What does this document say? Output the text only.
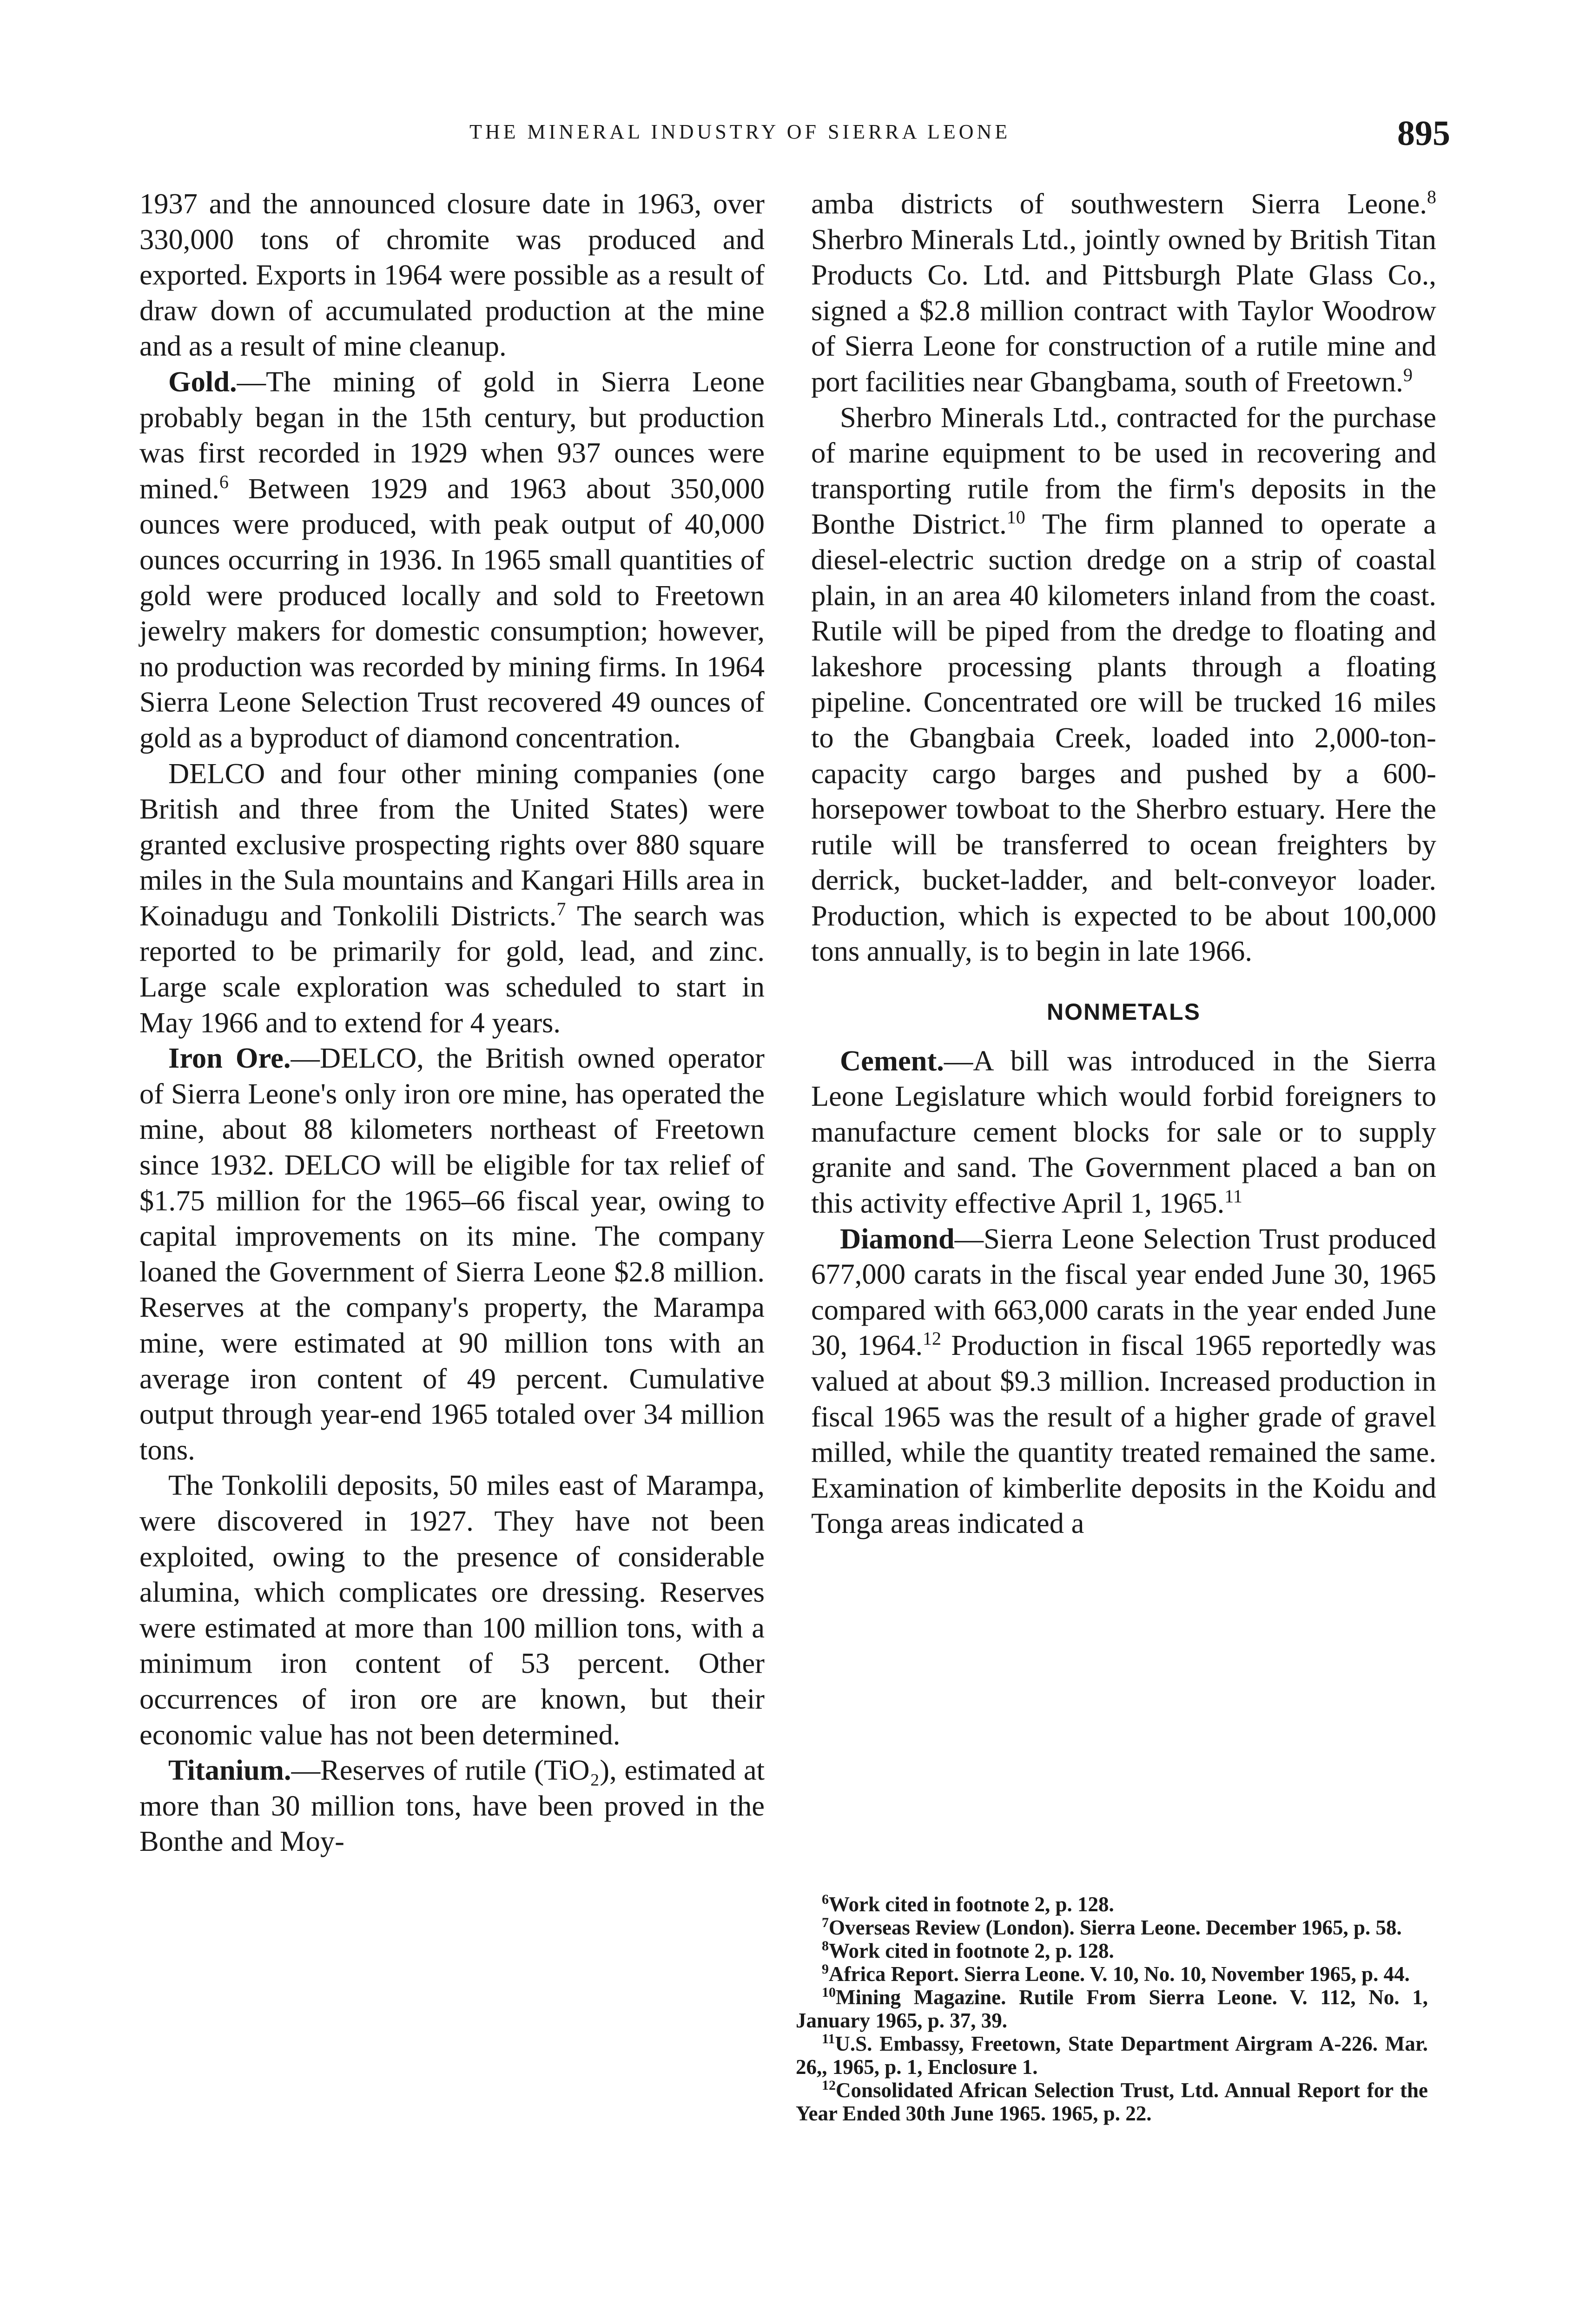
THE MINERAL INDUSTRY OF SIERRA LEONE	895

1937 and the announced closure date in 1963, over 330,000 tons of chromite was produced and exported. Exports in 1964 were possible as a result of draw down of accumulated production at the mine and as a result of mine cleanup.

Gold.—The mining of gold in Sierra Leone probably began in the 15th century, but production was first recorded in 1929 when 937 ounces were mined.$^6$ Between 1929 and 1963 about 350,000 ounces were produced, with peak output of 40,000 ounces occurring in 1936. In 1965 small quantities of gold were produced locally and sold to Freetown jewelry makers for domestic consumption; however, no production was recorded by mining firms. In 1964 Sierra Leone Selection Trust recovered 49 ounces of gold as a byproduct of diamond concentration.

DELCO and four other mining companies (one British and three from the United States) were granted exclusive prospecting rights over 880 square miles in the Sula mountains and Kangari Hills area in Koinadugu and Tonkolili Districts.$^7$ The search was reported to be primarily for gold, lead, and zinc. Large scale exploration was scheduled to start in May 1966 and to extend for 4 years.

Iron Ore.—DELCO, the British owned operator of Sierra Leone's only iron ore mine, has operated the mine, about 88 kilometers northeast of Freetown since 1932. DELCO will be eligible for tax relief of $1.75 million for the 1965–66 fiscal year, owing to capital improvements on its mine. The company loaned the Government of Sierra Leone $2.8 million. Reserves at the company's property, the Marampa mine, were estimated at 90 million tons with an average iron content of 49 percent. Cumulative output through year-end 1965 totaled over 34 million tons.

The Tonkolili deposits, 50 miles east of Marampa, were discovered in 1927. They have not been exploited, owing to the presence of considerable alumina, which complicates ore dressing. Reserves were estimated at more than 100 million tons, with a minimum iron content of 53 percent. Other occurrences of iron ore are known, but their economic value has not been determined.

Titanium.—Reserves of rutile (TiO₂), estimated at more than 30 million tons, have been proved in the Bonthe and Moy-

amba districts of southwestern Sierra Leone.$^8$ Sherbro Minerals Ltd., jointly owned by British Titan Products Co. Ltd. and Pittsburgh Plate Glass Co., signed a $2.8 million contract with Taylor Woodrow of Sierra Leone for construction of a rutile mine and port facilities near Gbangbama, south of Freetown.$^9$

Sherbro Minerals Ltd., contracted for the purchase of marine equipment to be used in recovering and transporting rutile from the firm's deposits in the Bonthe District.$^{10}$ The firm planned to operate a diesel-electric suction dredge on a strip of coastal plain, in an area 40 kilometers inland from the coast. Rutile will be piped from the dredge to floating and lakeshore processing plants through a floating pipeline. Concentrated ore will be trucked 16 miles to the Gbangbaia Creek, loaded into 2,000-ton-capacity cargo barges and pushed by a 600-horsepower towboat to the Sherbro estuary. Here the rutile will be transferred to ocean freighters by derrick, bucket-ladder, and belt-conveyor loader. Production, which is expected to be about 100,000 tons annually, is to begin in late 1966.

NONMETALS

Cement.—A bill was introduced in the Sierra Leone Legislature which would forbid foreigners to manufacture cement blocks for sale or to supply granite and sand. The Government placed a ban on this activity effective April 1, 1965.11

Diamond—Sierra Leone Selection Trust produced 677,000 carats in the fiscal year ended June 30, 1965 compared with 663,000 carats in the year ended June 30, 1964.12 Production in fiscal 1965 reportedly was valued at about $9.3 million. Increased production in fiscal 1965 was the result of a higher grade of gravel milled, while the quantity treated remained the same. Examination of kimberlite deposits in the Koidu and Tonga areas indicated a

$^6$Work cited in footnote 2, p. 128.

$^7$Overseas Review (London). Sierra Leone. December 1965, p. 58.

$^8$Work cited in footnote 2, p. 128.

$^9$Africa Report. Sierra Leone. V. 10, No. 10, November 1965, p. 44.

$^{10}$Mining Magazine. Rutile From Sierra Leone. V. 112, No. 1, January 1965, p. 37, 39.

$^{11}$U.S. Embassy, Freetown, State Department Airgram A-226. Mar. 26,, 1965, p. 1, Enclosure 1.

$^{12}$Consolidated African Selection Trust, Ltd. Annual Report for the Year Ended 30th June 1965. 1965, p. 22.
